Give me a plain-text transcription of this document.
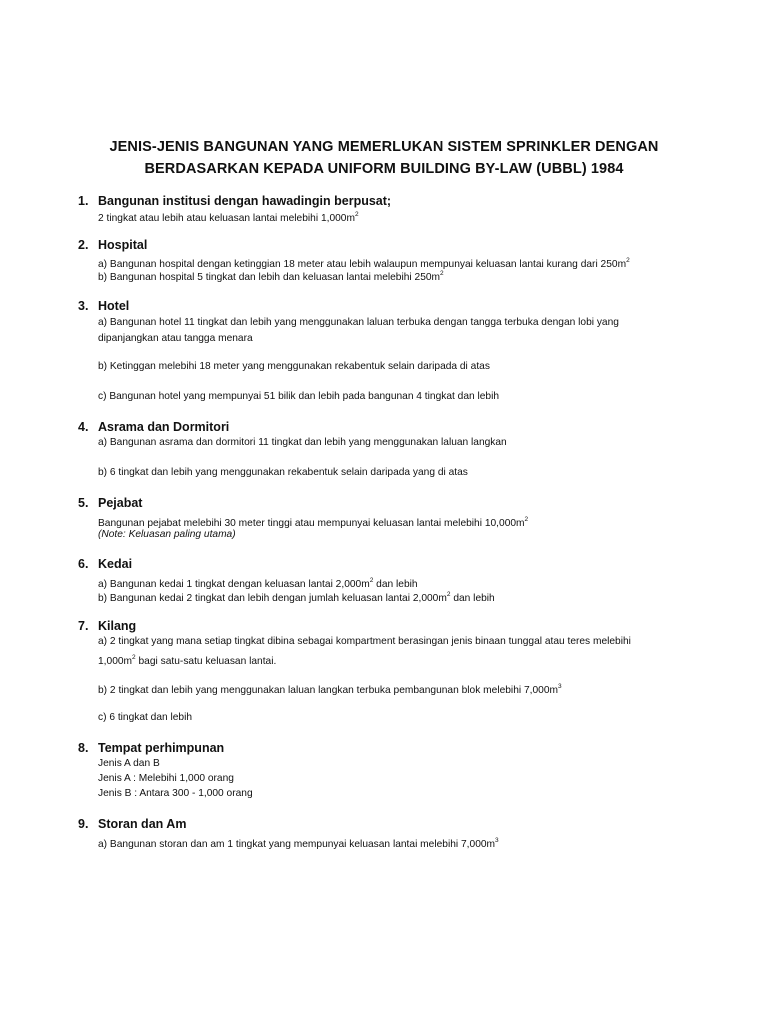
JENIS-JENIS BANGUNAN YANG MEMERLUKAN SISTEM SPRINKLER DENGAN
BERDASARKAN KEPADA UNIFORM BUILDING BY-LAW (UBBL) 1984
1. Bangunan institusi dengan hawadingin berpusat;
2 tingkat atau lebih atau keluasan lantai melebihi $1,000m^2$
2. Hospital
a) Bangunan hospital dengan ketinggian 18 meter atau lebih walaupun mempunyai keluasan lantai kurang dari $250m^2$
b) Bangunan hospital 5 tingkat dan lebih dan keluasan lantai melebihi $250m^2$
3. Hotel
a) Bangunan hotel 11 tingkat dan lebih yang menggunakan laluan terbuka dengan tangga terbuka dengan lobi yang
dipanjangkan atau tangga menara
b) Ketinggan melebihi 18 meter yang menggunakan rekabentuk selain daripada di atas
c) Bangunan hotel yang mempunyai 51 bilik dan lebih pada bangunan 4 tingkat dan lebih
4. Asrama dan Dormitori
a) Bangunan asrama dan dormitori 11 tingkat dan lebih yang menggunakan laluan langkan
b) 6 tingkat dan lebih yang menggunakan rekabentuk selain daripada yang di atas
5. Pejabat
Bangunan pejabat melebihi 30 meter tinggi atau mempunyai keluasan lantai melebihi $10,000m^2$
(Note: Keluasan paling utama)
6. Kedai
a) Bangunan kedai 1 tingkat dengan keluasan lantai $2,000m^2$ dan lebih
b) Bangunan kedai 2 tingkat dan lebih dengan jumlah keluasan lantai $2,000m^2$ dan lebih
7. Kilang
a) 2 tingkat yang mana setiap tingkat dibina sebagai kompartment berasingan jenis binaan tunggal atau teres melebihi
$1,000m^2$ bagi satu-satu keluasan lantai.
b) 2 tingkat dan lebih yang menggunakan laluan langkan terbuka pembangunan blok melebihi $7,000m^3$
c) 6 tingkat dan lebih
8. Tempat perhimpunan
Jenis A dan B
Jenis A : Melebihi 1,000 orang
Jenis B : Antara 300 - 1,000 orang
9. Storan dan Am
a) Bangunan storan dan am 1 tingkat yang mempunyai keluasan lantai melebihi $7,000m^3$
